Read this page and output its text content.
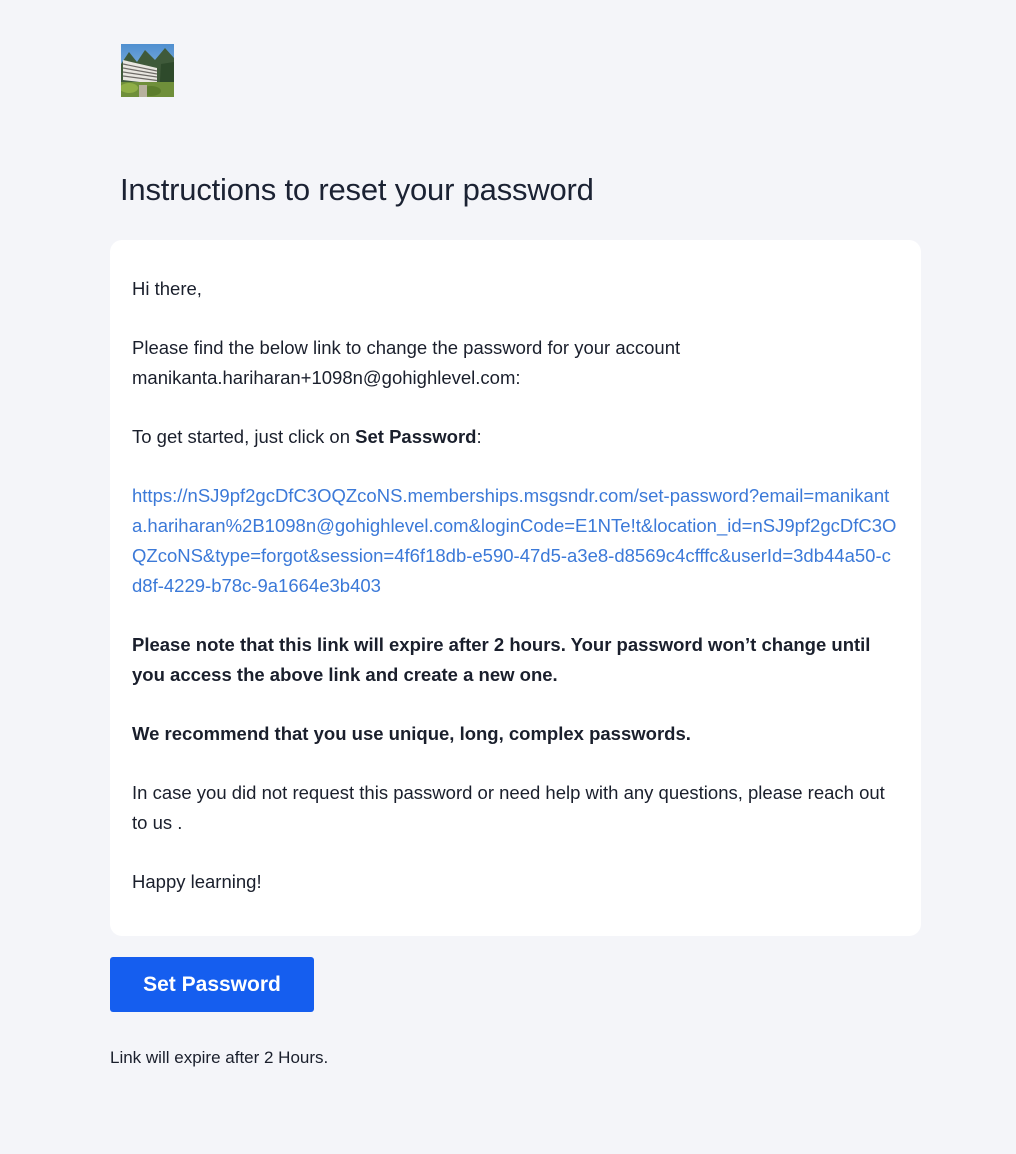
Instructions to reset your password

Hi there,

Please find the below link to change the password for your account manikanta.hariharan+1098n@gohighlevel.com:

To get started, just click on Set Password:

https://nSJ9pf2gcDfC3OQZcoNS.memberships.msgsndr.com/set-password?email=manikanta.hariharan%2B1098n@gohighlevel.com&loginCode=E1NTe!t&location_id=nSJ9pf2gcDfC3OQZcoNS&type=forgot&session=4f6f18db-e590-47d5-a3e8-d8569c4cfffc&userId=3db44a50-cd8f-4229-b78c-9a1664e3b403

Please note that this link will expire after 2 hours. Your password won’t change until you access the above link and create a new one.

We recommend that you use unique, long, complex passwords.

In case you did not request this password or need help with any questions, please reach out to us .

Happy learning!

Set Password

Link will expire after 2 Hours.
